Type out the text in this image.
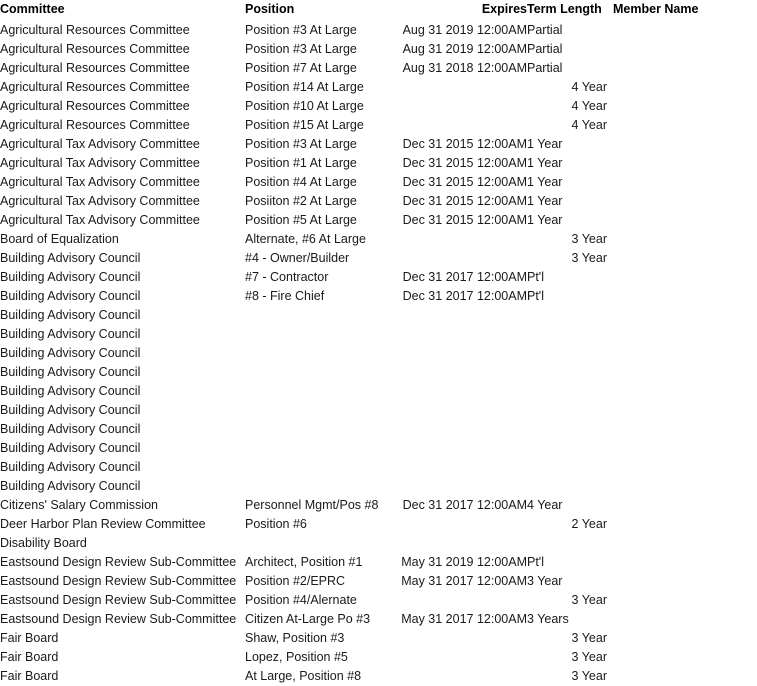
Committee	Position	Expires	Term Length	Member Name
Agricultural Resources Committee	Position #3 At Large	Aug 31 2019 12:00AM	Partial	
Agricultural Resources Committee	Position #3 At Large	Aug 31 2019 12:00AM	Partial	
Agricultural Resources Committee	Position #7 At Large	Aug 31 2018 12:00AM	Partial	
Agricultural Resources Committee	Position #14 At Large		4 Year	
Agricultural Resources Committee	Position #10 At Large		4 Year	
Agricultural Resources Committee	Position #15 At Large		4 Year	
Agricultural Tax Advisory Committee	Position #3 At Large	Dec 31 2015 12:00AM	1 Year	
Agricultural Tax Advisory Committee	Position #1 At Large	Dec 31 2015 12:00AM	1 Year	
Agricultural Tax Advisory Committee	Position #4 At Large	Dec 31 2015 12:00AM	1 Year	
Agricultural Tax Advisory Committee	Posiiton #2 At Large	Dec 31 2015 12:00AM	1 Year	
Agricultural Tax Advisory Committee	Position #5 At Large	Dec 31 2015 12:00AM	1 Year	
Board of Equalization	Alternate, #6 At Large		3 Year	
Building Advisory Council	#4 - Owner/Builder		3 Year	
Building Advisory Council	#7 - Contractor	Dec 31 2017 12:00AM	Pt'l	
Building Advisory Council	#8 - Fire Chief	Dec 31 2017 12:00AM	Pt'l	
Building Advisory Council				
Building Advisory Council				
Building Advisory Council				
Building Advisory Council				
Building Advisory Council				
Building Advisory Council				
Building Advisory Council				
Building Advisory Council				
Building Advisory Council				
Building Advisory Council				
Citizens' Salary Commission	Personnel Mgmt/Pos #8	Dec 31 2017 12:00AM	4 Year	
Deer Harbor Plan Review Committee	Position #6		2 Year	
Disability Board				
Eastsound Design Review Sub-Committee	Architect, Position #1	May 31 2019 12:00AM	Pt'l	
Eastsound Design Review Sub-Committee	Position #2/EPRC	May 31 2017 12:00AM	3 Year	
Eastsound Design Review Sub-Committee	Position #4/Alernate		3 Year	
Eastsound Design Review Sub-Committee	Citizen At-Large Po #3	May 31 2017 12:00AM	3 Years	
Fair Board	Shaw, Position #3		3 Year	
Fair Board	Lopez, Position #5		3 Year	
Fair Board	At Large, Position #8		3 Year	
